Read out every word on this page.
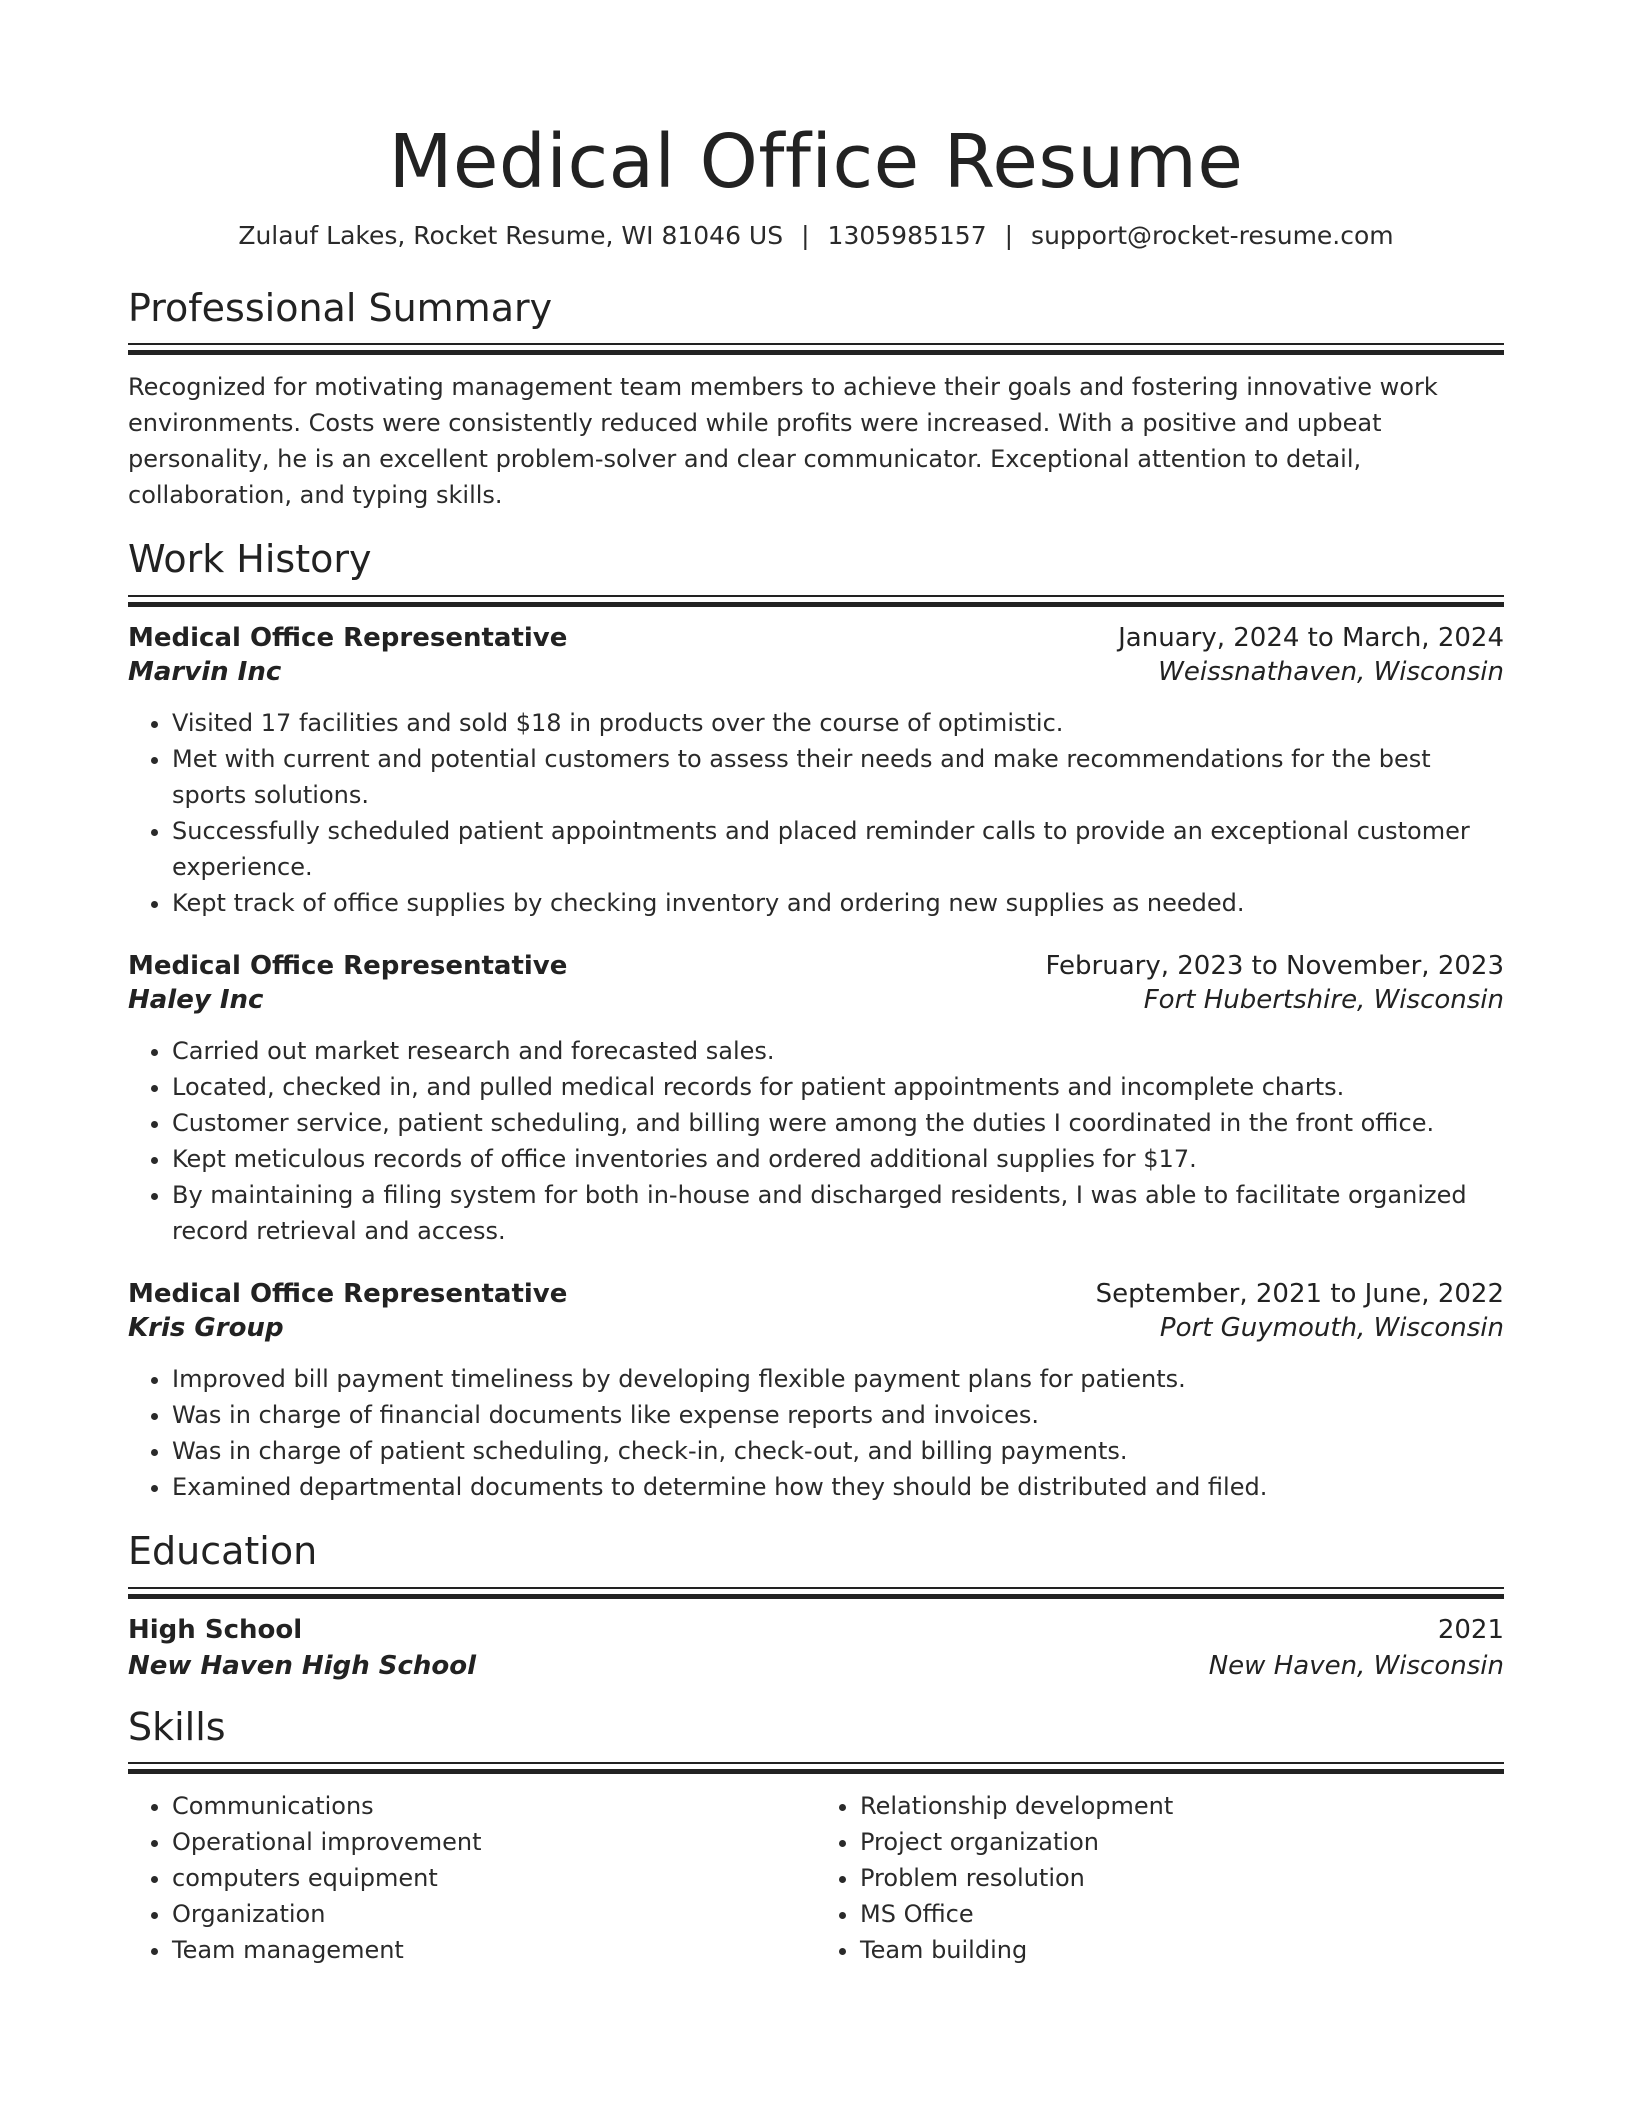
Medical Office Resume
Zulauf Lakes, Rocket Resume, WI 81046 US | 1305985157 | support@rocket-resume.com
Professional Summary
Recognized for motivating management team members to achieve their goals and fostering innovative work environments. Costs were consistently reduced while profits were increased. With a positive and upbeat personality, he is an excellent problem-solver and clear communicator. Exceptional attention to detail, collaboration, and typing skills.
Work History
Medical Office Representative	January, 2024 to March, 2024
Marvin Inc	Weissnathaven, Wisconsin
• Visited 17 facilities and sold $18 in products over the course of optimistic.
• Met with current and potential customers to assess their needs and make recommendations for the best sports solutions.
• Successfully scheduled patient appointments and placed reminder calls to provide an exceptional customer experience.
• Kept track of office supplies by checking inventory and ordering new supplies as needed.
Medical Office Representative	February, 2023 to November, 2023
Haley Inc	Fort Hubertshire, Wisconsin
• Carried out market research and forecasted sales.
• Located, checked in, and pulled medical records for patient appointments and incomplete charts.
• Customer service, patient scheduling, and billing were among the duties I coordinated in the front office.
• Kept meticulous records of office inventories and ordered additional supplies for $17.
• By maintaining a filing system for both in-house and discharged residents, I was able to facilitate organized record retrieval and access.
Medical Office Representative	September, 2021 to June, 2022
Kris Group	Port Guymouth, Wisconsin
• Improved bill payment timeliness by developing flexible payment plans for patients.
• Was in charge of financial documents like expense reports and invoices.
• Was in charge of patient scheduling, check-in, check-out, and billing payments.
• Examined departmental documents to determine how they should be distributed and filed.
Education
High School	2021
New Haven High School	New Haven, Wisconsin
Skills
• Communications
• Operational improvement
• computers equipment
• Organization
• Team management
• Relationship development
• Project organization
• Problem resolution
• MS Office
• Team building
